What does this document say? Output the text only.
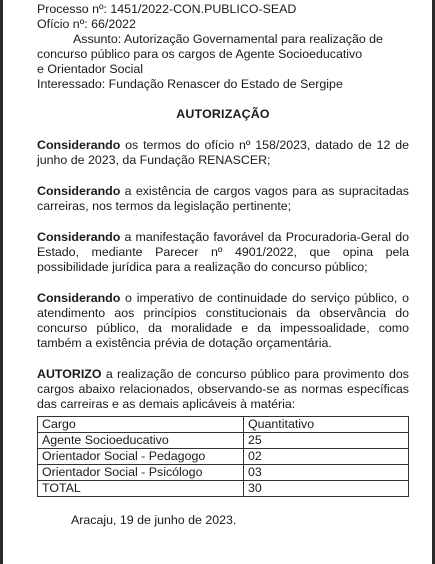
Processo nº: 1451/2022-CON.PUBLICO-SEAD
Ofício nº: 66/2022
Assunto: Autorização Governamental para realização de
concurso público para os cargos de Agente Socioeducativo
e Orientador Social
Interessado: Fundação Renascer do Estado de Sergipe
AUTORIZAÇÃO

Considerando os termos do ofício nº 158/2023, datado de 12 de junho de 2023, da Fundação RENASCER;

Considerando a existência de cargos vagos para as supracitadas carreiras, nos termos da legislação pertinente;

Considerando a manifestação favorável da Procuradoria-Geral do Estado, mediante Parecer nº 4901/2022, que opina pela possibilidade jurídica para a realização do concurso público;

Considerando o imperativo de continuidade do serviço público, o atendimento aos princípios constitucionais da observância do concurso público, da moralidade e da impessoalidade, como também a existência prévia de dotação orçamentária.

AUTORIZO a realização de concurso público para provimento dos cargos abaixo relacionados, observando-se as normas específicas das carreiras e as demais aplicáveis à matéria:

Cargo	Quantitativo
Agente Socioeducativo	25
Orientador Social - Pedagogo	02
Orientador Social - Psicólogo	03
TOTAL	30
Aracaju, 19 de junho de 2023.
